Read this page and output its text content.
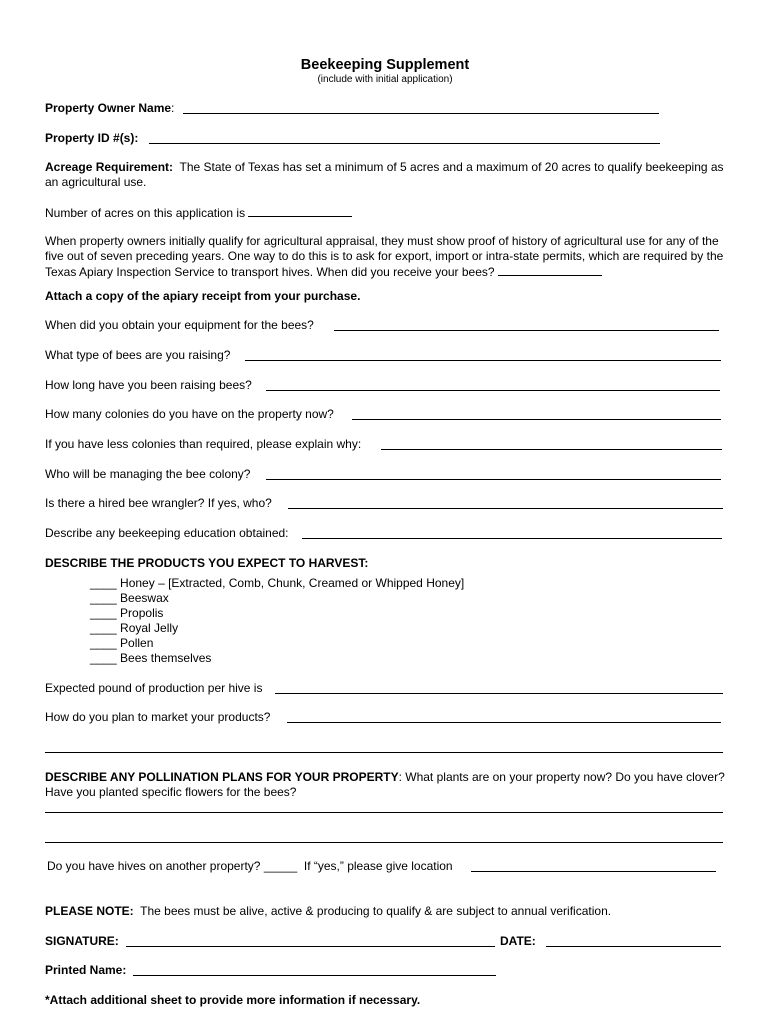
Beekeeping Supplement
(include with initial application)
Property Owner Name:
Property ID #(s):
Acreage Requirement: The State of Texas has set a minimum of 5 acres and a maximum of 20 acres to qualify beekeeping as an agricultural use.
Number of acres on this application is
When property owners initially qualify for agricultural appraisal, they must show proof of history of agricultural use for any of the five out of seven preceding years. One way to do this is to ask for export, import or intra-state permits, which are required by the Texas Apiary Inspection Service to transport hives. When did you receive your bees?
Attach a copy of the apiary receipt from your purchase.
When did you obtain your equipment for the bees?
What type of bees are you raising?
How long have you been raising bees?
How many colonies do you have on the property now?
If you have less colonies than required, please explain why:
Who will be managing the bee colony?
Is there a hired bee wrangler? If yes, who?
Describe any beekeeping education obtained:
DESCRIBE THE PRODUCTS YOU EXPECT TO HARVEST:
____ Honey – [Extracted, Comb, Chunk, Creamed or Whipped Honey]
____ Beeswax
____ Propolis
____ Royal Jelly
____ Pollen
____ Bees themselves
Expected pound of production per hive is
How do you plan to market your products?
DESCRIBE ANY POLLINATION PLANS FOR YOUR PROPERTY: What plants are on your property now? Do you have clover? Have you planted specific flowers for the bees?
Do you have hives on another property? _____ If “yes,” please give location
PLEASE NOTE: The bees must be alive, active & producing to qualify & are subject to annual verification.
SIGNATURE:	DATE:
Printed Name:
*Attach additional sheet to provide more information if necessary.
